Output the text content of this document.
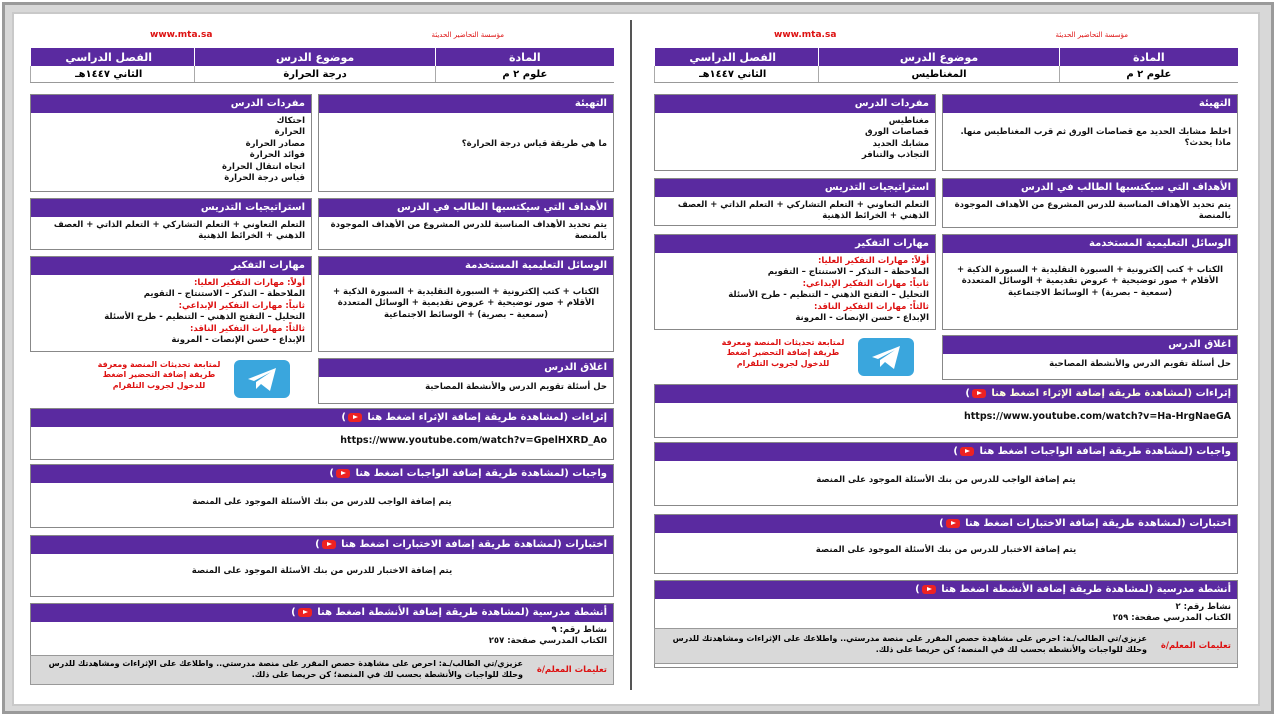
www.mta.sa	مؤسسة التحاضير الحديثة
المادة
موضوع الدرس
الفصل الدراسي
علوم ٢ م
المغناطيس
الثاني ١٤٤٧هـ
التهيئة
اخلط مشابك الحديد مع قصاصات الورق ثم قرب المغناطيس منها. ماذا يحدث؟
مفردات الدرس
مغناطيس
قصاصات الورق
مشابك الحديد
التجاذب والتنافر
الأهداف التي سيكتسبها الطالب في الدرس
يتم تحديد الأهداف المناسبة للدرس المشروع من الأهداف الموجودة بالمنصة
استراتيجيات التدريس
التعلم التعاوني + التعلم التشاركي + التعلم الذاتي + العصف الذهني + الخرائط الذهنية
الوسائل التعليمية المستخدمة
الكتاب + كتب إلكترونية + السبورة التقليدية + السبورة الذكية + الأقلام + صور توضيحية + عروض تقديمية + الوسائل المتعددة (سمعية – بصرية) + الوسائط الاجتماعية
مهارات التفكير
أولاً: مهارات التفكير العليا:
الملاحظة – التذكر – الاستنتاج – التقويم
ثانياً: مهارات التفكير الإبداعي:
التحليل – التفتح الذهني – التنظيم - طرح الأسئلة
ثالثاً: مهارات التفكير الناقد:
الإبداع - حسن الإنصات - المرونة
اغلاق الدرس
حل أسئلة تقويم الدرس والأنشطة المصاحبة
لمتابعة تحديثات المنصة ومعرفة طريقة إضافة التحضير اضغط للدخول لجروب التلقرام
إثراءات (لمشاهدة طريقة إضافة الإثراء اضغط هنا )
https://www.youtube.com/watch?v=Ha-HrgNaeGA
واجبات (لمشاهدة طريقة إضافة الواجبات اضغط هنا )
يتم إضافة الواجب للدرس من بنك الأسئلة الموجود على المنصة
اختبارات (لمشاهدة طريقة إضافة الاختبارات اضغط هنا )
يتم إضافة الاختبار للدرس من بنك الأسئلة الموجود على المنصة
أنشطة مدرسية (لمشاهدة طريقة إضافة الأنشطة اضغط هنا )
نشاط رقم: ٢
الكتاب المدرسي صفحة: ٢٥٩
تعليمات المعلم/ة
عزيزي/تي الطالب/ـة: احرص على مشاهدة حصص المقرر على منصة مدرستي.. واطلاعك على الإثراءات ومشاهدتك للدرس وحلك للواجبات والأنشطة بحسب لك في المنصة؛ كن حريصا على ذلك.
www.mta.sa	مؤسسة التحاضير الحديثة
المادة
موضوع الدرس
الفصل الدراسي
علوم ٢ م
درجة الحرارة
الثاني ١٤٤٧هـ
التهيئة
ما هي طريقة قياس درجة الحرارة؟
مفردات الدرس
احتكاك
الحرارة
مصادر الحرارة
فوائد الحرارة
اتجاه انتقال الحرارة
قياس درجة الحرارة
الأهداف التي سيكتسبها الطالب في الدرس
يتم تحديد الأهداف المناسبة للدرس المشروع من الأهداف الموجودة بالمنصة
استراتيجيات التدريس
التعلم التعاوني + التعلم التشاركي + التعلم الذاتي + العصف الذهني + الخرائط الذهنية
الوسائل التعليمية المستخدمة
الكتاب + كتب إلكترونية + السبورة التقليدية + السبورة الذكية + الأقلام + صور توضيحية + عروض تقديمية + الوسائل المتعددة (سمعية – بصرية) + الوسائط الاجتماعية
مهارات التفكير
أولاً: مهارات التفكير العليا:
الملاحظة – التذكر – الاستنتاج – التقويم
ثانياً: مهارات التفكير الإبداعي:
التحليل – التفتح الذهني – التنظيم - طرح الأسئلة
ثالثاً: مهارات التفكير الناقد:
الإبداع - حسن الإنصات - المرونة
اغلاق الدرس
حل أسئلة تقويم الدرس والأنشطة المصاحبة
لمتابعة تحديثات المنصة ومعرفة طريقة إضافة التحضير اضغط للدخول لجروب التلقرام
إثراءات (لمشاهدة طريقة إضافة الإثراء اضغط هنا )
https://www.youtube.com/watch?v=GpelHXRD_Ao
واجبات (لمشاهدة طريقة إضافة الواجبات اضغط هنا )
يتم إضافة الواجب للدرس من بنك الأسئلة الموجود على المنصة
اختبارات (لمشاهدة طريقة إضافة الاختبارات اضغط هنا )
يتم إضافة الاختبار للدرس من بنك الأسئلة الموجود على المنصة
أنشطة مدرسية (لمشاهدة طريقة إضافة الأنشطة اضغط هنا )
نشاط رقم: ٩
الكتاب المدرسي صفحة: ٢٥٧
تعليمات المعلم/ة
عزيزي/تي الطالب/ـة: احرص على مشاهدة حصص المقرر على منصة مدرستي.. واطلاعك على الإثراءات ومشاهدتك للدرس وحلك للواجبات والأنشطة بحسب لك في المنصة؛ كن حريصا على ذلك.
